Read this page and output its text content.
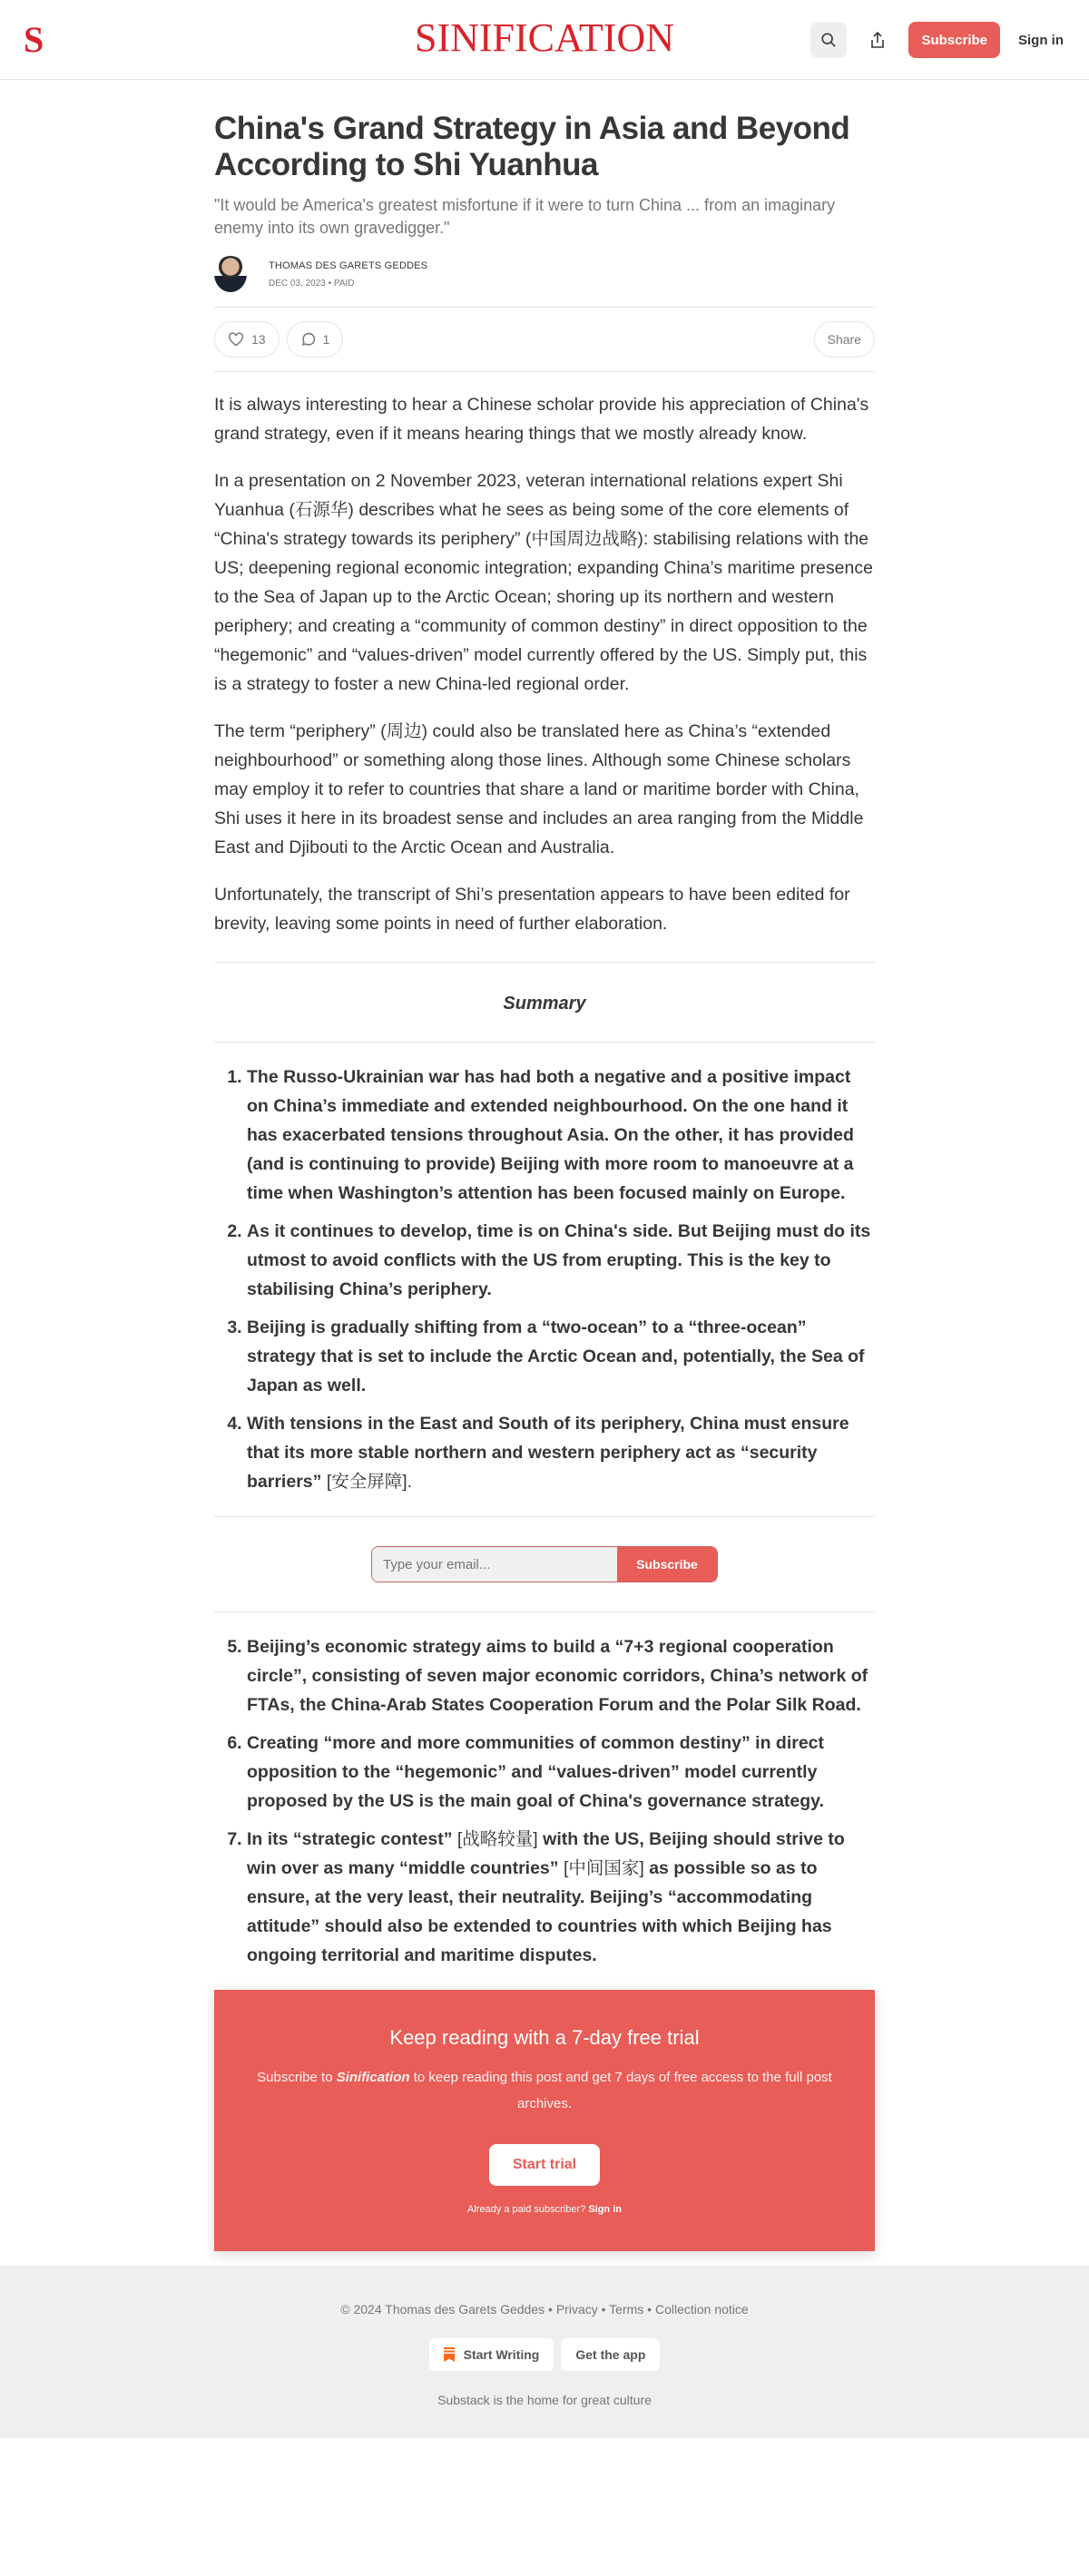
S	SINIFICATION	Subscribe	Sign in
China's Grand Strategy in Asia and Beyond According to Shi Yuanhua
"It would be America's greatest misfortune if it were to turn China ... from an imaginary enemy into its own gravedigger."
THOMAS DES GARETS GEDDES
DEC 03, 2023 • PAID
13	1	Share

It is always interesting to hear a Chinese scholar provide his appreciation of China's grand strategy, even if it means hearing things that we mostly already know.

In a presentation on 2 November 2023, veteran international relations expert Shi Yuanhua (石源华) describes what he sees as being some of the core elements of “China's strategy towards its periphery” (中国周边战略): stabilising relations with the US; deepening regional economic integration; expanding China’s maritime presence to the Sea of Japan up to the Arctic Ocean; shoring up its northern and western periphery; and creating a “community of common destiny” in direct opposition to the “hegemonic” and “values-driven” model currently offered by the US. Simply put, this is a strategy to foster a new China-led regional order.

The term “periphery” (周边) could also be translated here as China’s “extended neighbourhood” or something along those lines. Although some Chinese scholars may employ it to refer to countries that share a land or maritime border with China, Shi uses it here in its broadest sense and includes an area ranging from the Middle East and Djibouti to the Arctic Ocean and Australia.

Unfortunately, the transcript of Shi’s presentation appears to have been edited for brevity, leaving some points in need of further elaboration.

Summary
1. The Russo-Ukrainian war has had both a negative and a positive impact on China’s immediate and extended neighbourhood. On the one hand it has exacerbated tensions throughout Asia. On the other, it has provided (and is continuing to provide) Beijing with more room to manoeuvre at a time when Washington’s attention has been focused mainly on Europe.
2. As it continues to develop, time is on China's side. But Beijing must do its utmost to avoid conflicts with the US from erupting. This is the key to stabilising China’s periphery.
3. Beijing is gradually shifting from a “two-ocean” to a “three-ocean” strategy that is set to include the Arctic Ocean and, potentially, the Sea of Japan as well.
4. With tensions in the East and South of its periphery, China must ensure that its more stable northern and western periphery act as “security barriers” [安全屏障].
Type your email...
Subscribe
5. Beijing’s economic strategy aims to build a “7+3 regional cooperation circle”, consisting of seven major economic corridors, China’s network of FTAs, the China-Arab States Cooperation Forum and the Polar Silk Road.
6. Creating “more and more communities of common destiny” in direct opposition to the “hegemonic” and “values-driven” model currently proposed by the US is the main goal of China's governance strategy.
7. In its “strategic contest” [战略较量] with the US, Beijing should strive to win over as many “middle countries” [中间国家] as possible so as to ensure, at the very least, their neutrality. Beijing’s “accommodating attitude” should also be extended to countries with which Beijing has ongoing territorial and maritime disputes.
Keep reading with a 7-day free trial
Subscribe to Sinification to keep reading this post and get 7 days of free access to the full post archives.
Start trial
Already a paid subscriber? Sign in
© 2024 Thomas des Garets Geddes • Privacy • Terms • Collection notice
Start Writing	Get the app
Substack is the home for great culture
